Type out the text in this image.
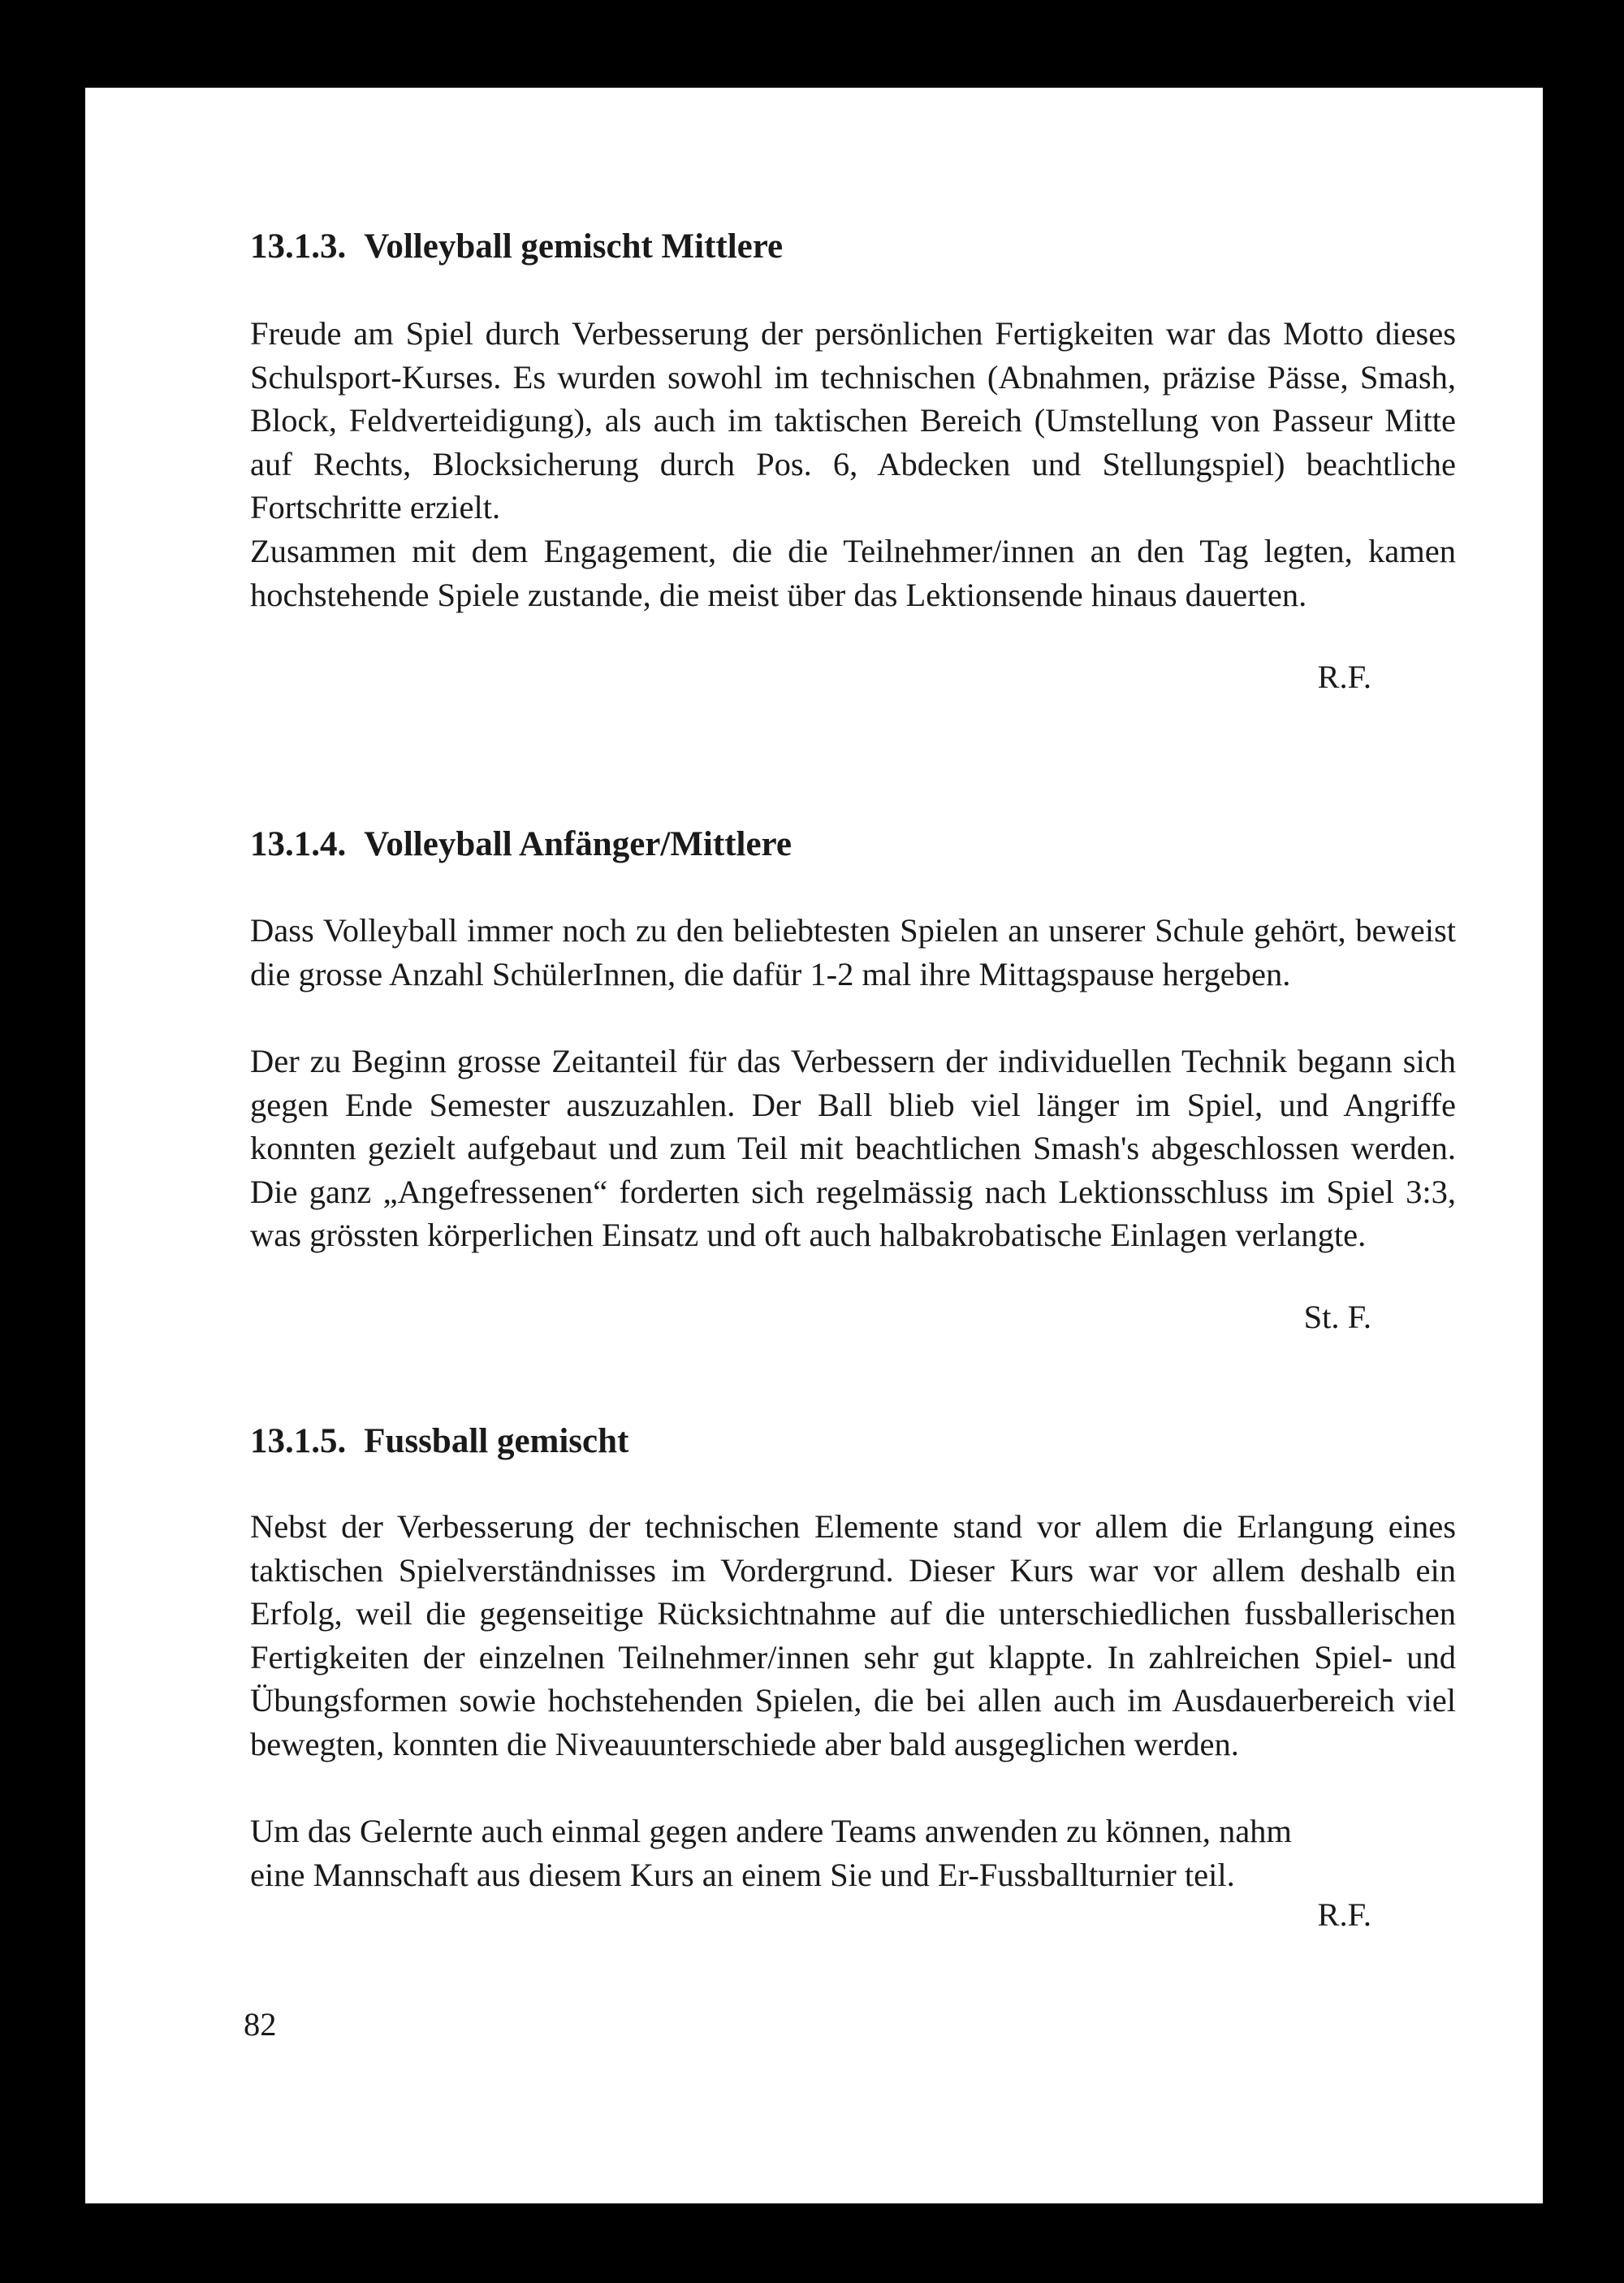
13.1.3. Volleyball gemischt Mittlere

Freude am Spiel durch Verbesserung der persönlichen Fertigkeiten war das Motto dieses Schulsport-Kurses. Es wurden sowohl im technischen (Abnahmen, präzise Pässe, Smash, Block, Feldverteidigung), als auch im taktischen Bereich (Umstellung von Passeur Mitte auf Rechts, Blocksicherung durch Pos. 6, Abdecken und Stellungspiel) beachtliche Fortschritte erzielt.

Zusammen mit dem Engagement, die die Teilnehmer/innen an den Tag legten, kamen hochstehende Spiele zustande, die meist über das Lektionsende hinaus dauerten.

R.F.

13.1.4. Volleyball Anfänger/Mittlere

Dass Volleyball immer noch zu den beliebtesten Spielen an unserer Schule gehört, beweist die grosse Anzahl SchülerInnen, die dafür 1-2 mal ihre Mittagspause hergeben.

Der zu Beginn grosse Zeitanteil für das Verbessern der individuellen Technik begann sich gegen Ende Semester auszuzahlen. Der Ball blieb viel länger im Spiel, und Angriffe konnten gezielt aufgebaut und zum Teil mit beachtlichen Smash's abgeschlossen werden. Die ganz „Angefressenen“ forderten sich regelmässig nach Lektionsschluss im Spiel 3:3, was grössten körperlichen Einsatz und oft auch halbakrobatische Einlagen verlangte.

St. F.

13.1.5. Fussball gemischt

Nebst der Verbesserung der technischen Elemente stand vor allem die Erlangung eines taktischen Spielverständnisses im Vordergrund. Dieser Kurs war vor allem deshalb ein Erfolg, weil die gegenseitige Rücksichtnahme auf die unterschiedlichen fussballerischen Fertigkeiten der einzelnen Teilnehmer/innen sehr gut klappte. In zahlreichen Spiel- und Übungsformen sowie hochstehenden Spielen, die bei allen auch im Ausdauerbereich viel bewegten, konnten die Niveauunterschiede aber bald ausgeglichen werden.

Um das Gelernte auch einmal gegen andere Teams anwenden zu können, nahm eine Mannschaft aus diesem Kurs an einem Sie und Er-Fussballturnier teil.

R.F.

82
